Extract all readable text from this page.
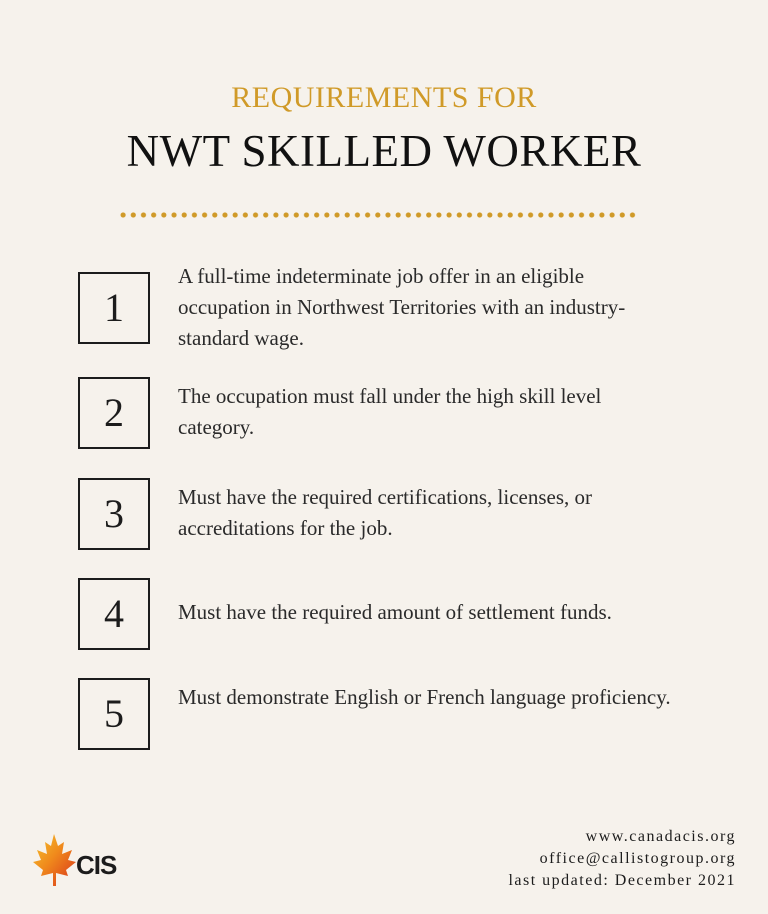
REQUIREMENTS FOR
NWT SKILLED WORKER
1
A full-time indeterminate job offer in an eligible occupation in Northwest Territories with an industry-standard wage.
2	The occupation must fall under the high skill level category.
3	Must have the required certifications, licenses, or accreditations for the job.
4	Must have the required amount of settlement funds.
5	Must demonstrate English or French language proficiency.
CIS
www.canadacis.org
office@callistogroup.org
last updated: December 2021
